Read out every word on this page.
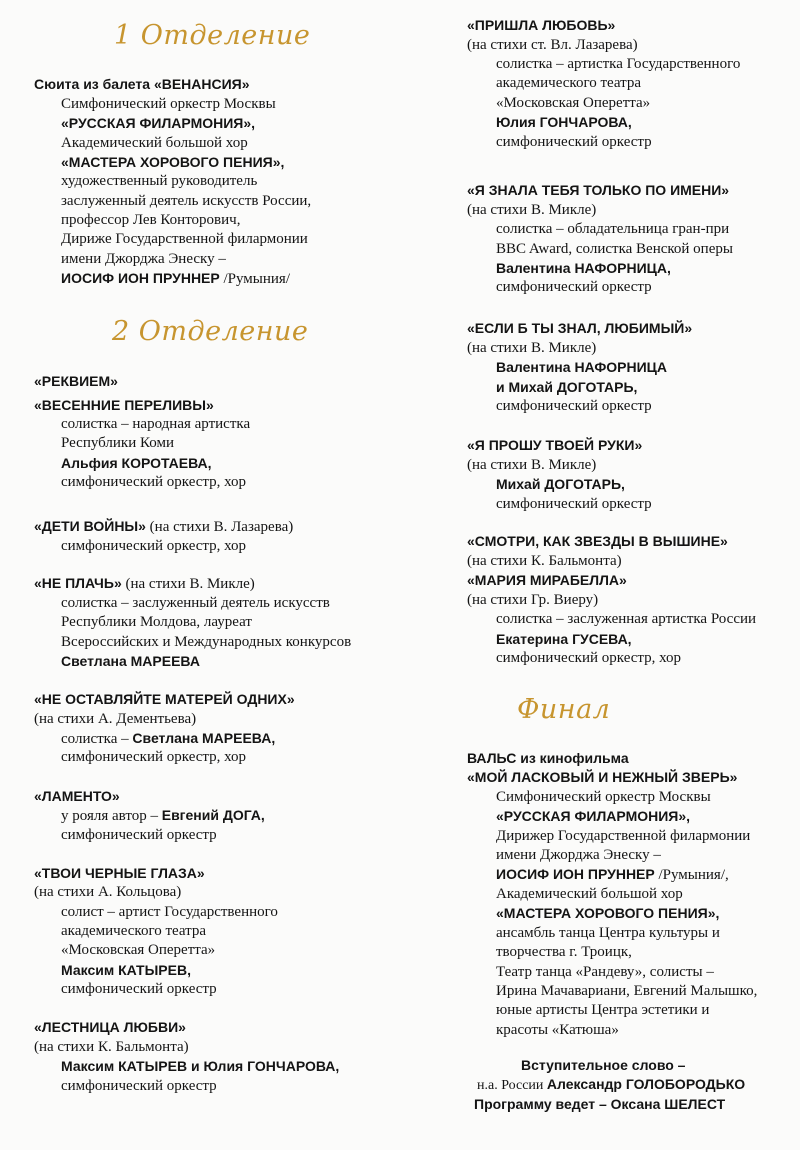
1 Отделение
Сюита из балета «ВЕНАНСИЯ»
Симфонический оркестр Москвы
«РУССКАЯ ФИЛАРМОНИЯ»,
Академический большой хор
«МАСТЕРА ХОРОВОГО ПЕНИЯ»,
художественный руководитель
заслуженный деятель искусств России,
профессор Лев Конторович,
Дириже Государственной филармонии
имени Джорджа Энеску –
ИОСИФ ИОН ПРУННЕР /Румыния/
2 Отделение
«РЕКВИЕМ»
«ВЕСЕННИЕ ПЕРЕЛИВЫ»
солистка – народная артистка
Республики Коми
Альфия КОРОТАЕВА,
симфонический оркестр, хор
«ДЕТИ ВОЙНЫ» (на стихи В. Лазарева)
симфонический оркестр, хор
«НЕ ПЛАЧЬ» (на стихи В. Микле)
солистка – заслуженный деятель искусств
Республики Молдова, лауреат
Всероссийских и Международных конкурсов
Светлана МАРЕЕВА
«НЕ ОСТАВЛЯЙТЕ МАТЕРЕЙ ОДНИХ»
(на стихи А. Дементьева)
солистка – Светлана МАРЕЕВА,
симфонический оркестр, хор
«ЛАМЕНТО»
у рояля автор – Евгений ДОГА,
симфонический оркестр
«ТВОИ ЧЕРНЫЕ ГЛАЗА»
(на стихи А. Кольцова)
солист – артист Государственного
академического театра
«Московская Оперетта»
Максим КАТЫРЕВ,
симфонический оркестр
«ЛЕСТНИЦА ЛЮБВИ»
(на стихи К. Бальмонта)
Максим КАТЫРЕВ и Юлия ГОНЧАРОВА,
симфонический оркестр
«ПРИШЛА ЛЮБОВЬ»
(на стихи ст. Вл. Лазарева)
солистка – артистка Государственного
академического театра
«Московская Оперетта»
Юлия ГОНЧАРОВА,
симфонический оркестр
«Я ЗНАЛА ТЕБЯ ТОЛЬКО ПО ИМЕНИ»
(на стихи В. Микле)
солистка – обладательница гран-при
BBC Award, солистка Венской оперы
Валентина НАФОРНИЦА,
симфонический оркестр
«ЕСЛИ Б ТЫ ЗНАЛ, ЛЮБИМЫЙ»
(на стихи В. Микле)
Валентина НАФОРНИЦА
и Михай ДОГОТАРЬ,
симфонический оркестр
«Я ПРОШУ ТВОЕЙ РУКИ»
(на стихи В. Микле)
Михай ДОГОТАРЬ,
симфонический оркестр
«СМОТРИ, КАК ЗВЕЗДЫ В ВЫШИНЕ»
(на стихи К. Бальмонта)
«МАРИЯ МИРАБЕЛЛА»
(на стихи Гр. Виеру)
солистка – заслуженная артистка России
Екатерина ГУСЕВА,
симфонический оркестр, хор
Финал
ВАЛЬС из кинофильма
«МОЙ ЛАСКОВЫЙ И НЕЖНЫЙ ЗВЕРЬ»
Симфонический оркестр Москвы
«РУССКАЯ ФИЛАРМОНИЯ»,
Дирижер Государственной филармонии
имени Джорджа Энеску –
ИОСИФ ИОН ПРУННЕР /Румыния/,
Академический большой хор
«МАСТЕРА ХОРОВОГО ПЕНИЯ»,
ансамбль танца Центра культуры и
творчества г. Троицк,
Театр танца «Рандеву», солисты –
Ирина Мачавариани, Евгений Малышко,
юные артисты Центра эстетики и
красоты «Катюша»
Вступительное слово –
н.а. России Александр ГОЛОБОРОДЬКО
Программу ведет – Оксана ШЕЛЕСТ
